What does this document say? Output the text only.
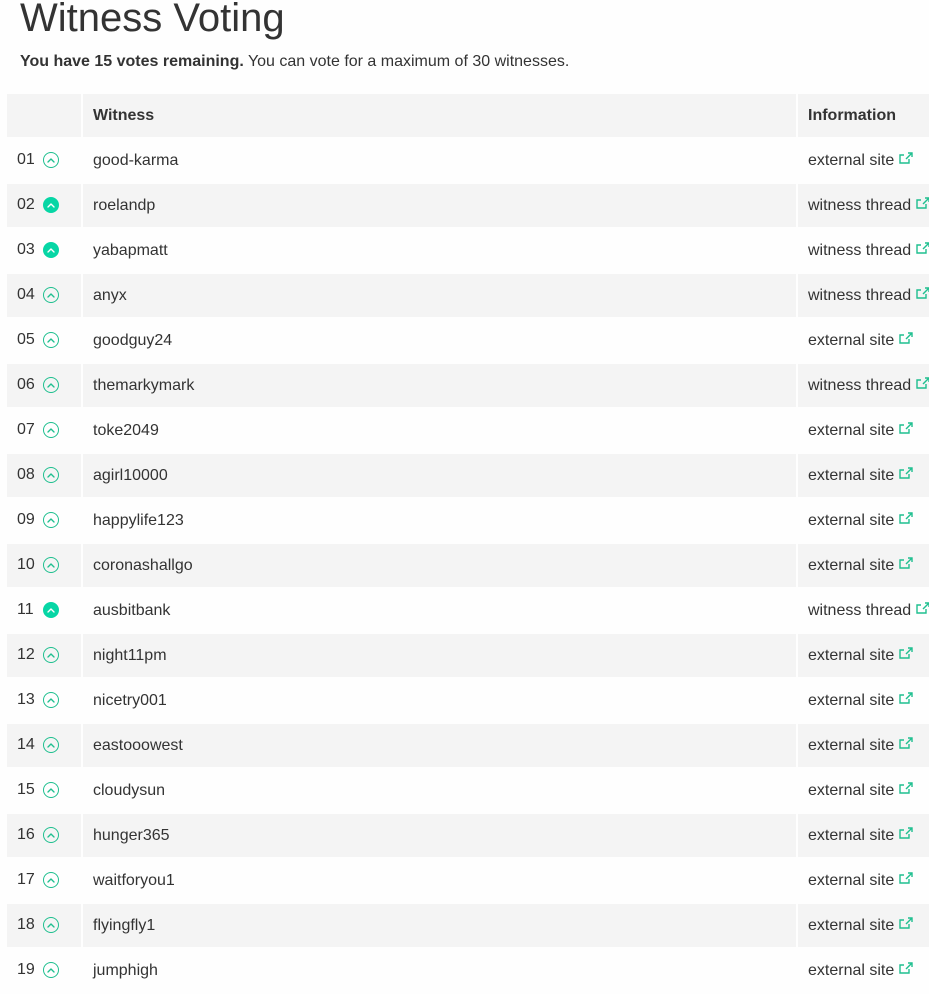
Witness Voting
You have 15 votes remaining. You can vote for a maximum of 30 witnesses.
		Witness		Information
01		good-karma		external site
02		roelandp		witness thread
03		yabapmatt		witness thread
04		anyx		witness thread
05		goodguy24		external site
06		themarkymark		witness thread
07		toke2049		external site
08		agirl10000		external site
09		happylife123		external site
10		coronashallgo		external site
11		ausbitbank		witness thread
12		night11pm		external site
13		nicetry001		external site
14		eastooowest		external site
15		cloudysun		external site
16		hunger365		external site
17		waitforyou1		external site
18		flyingfly1		external site
19		jumphigh		external site
